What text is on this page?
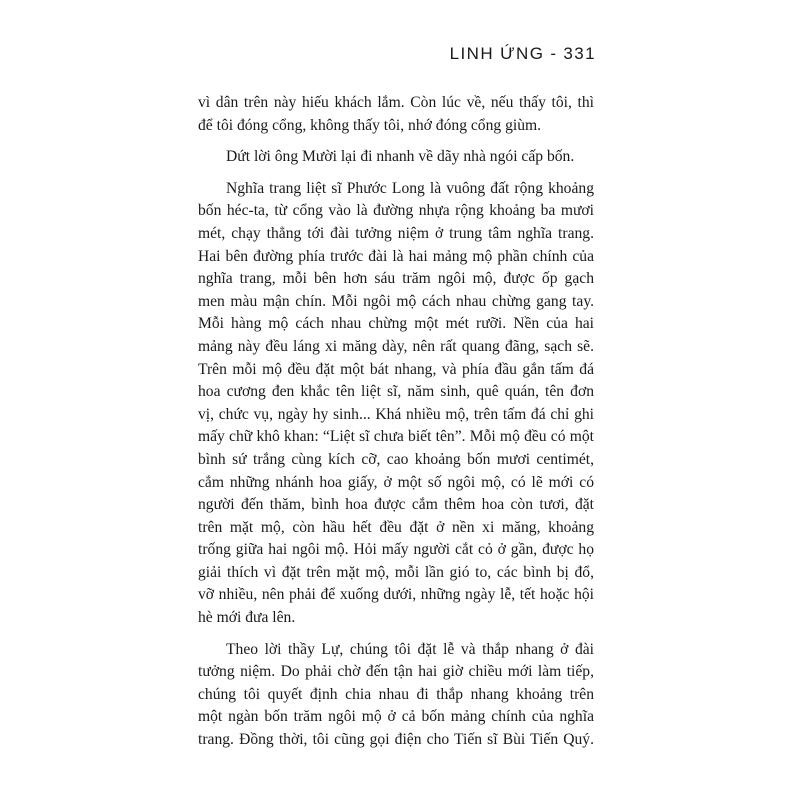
LINH ỨNG - 331

vì dân trên này hiếu khách lắm. Còn lúc về, nếu thấy tôi, thì
để tôi đóng cổng, không thấy tôi, nhớ đóng cổng giùm.

Dứt lời ông Mười lại đi nhanh về dãy nhà ngói cấp bốn.

Nghĩa trang liệt sĩ Phước Long là vuông đất rộng khoảng
bốn héc-ta, từ cổng vào là đường nhựa rộng khoảng ba mươi
mét, chạy thẳng tới đài tưởng niệm ở trung tâm nghĩa trang.
Hai bên đường phía trước đài là hai mảng mộ phần chính của
nghĩa trang, mỗi bên hơn sáu trăm ngôi mộ, được ốp gạch
men màu mận chín. Mỗi ngôi mộ cách nhau chừng gang tay.
Mỗi hàng mộ cách nhau chừng một mét rưỡi. Nền của hai
mảng này đều láng xi măng dày, nên rất quang đãng, sạch sẽ.
Trên mỗi mộ đều đặt một bát nhang, và phía đầu gắn tấm đá
hoa cương đen khắc tên liệt sĩ, năm sinh, quê quán, tên đơn
vị, chức vụ, ngày hy sinh... Khá nhiều mộ, trên tấm đá chỉ ghi
mấy chữ khô khan: “Liệt sĩ chưa biết tên”. Mỗi mộ đều có một
bình sứ trắng cùng kích cỡ, cao khoảng bốn mươi centimét,
cắm những nhánh hoa giấy, ở một số ngôi mộ, có lẽ mới có
người đến thăm, bình hoa được cắm thêm hoa còn tươi, đặt
trên mặt mộ, còn hầu hết đều đặt ở nền xi măng, khoảng
trống giữa hai ngôi mộ. Hỏi mấy người cắt cỏ ở gần, được họ
giải thích vì đặt trên mặt mộ, mỗi lần gió to, các bình bị đổ,
vỡ nhiều, nên phải để xuống dưới, những ngày lễ, tết hoặc hội
hè mới đưa lên.

Theo lời thầy Lự, chúng tôi đặt lễ và thắp nhang ở đài
tưởng niệm. Do phải chờ đến tận hai giờ chiều mới làm tiếp,
chúng tôi quyết định chia nhau đi thắp nhang khoảng trên
một ngàn bốn trăm ngôi mộ ở cả bốn mảng chính của nghĩa
trang. Đồng thời, tôi cũng gọi điện cho Tiến sĩ Bùi Tiến Quý.
